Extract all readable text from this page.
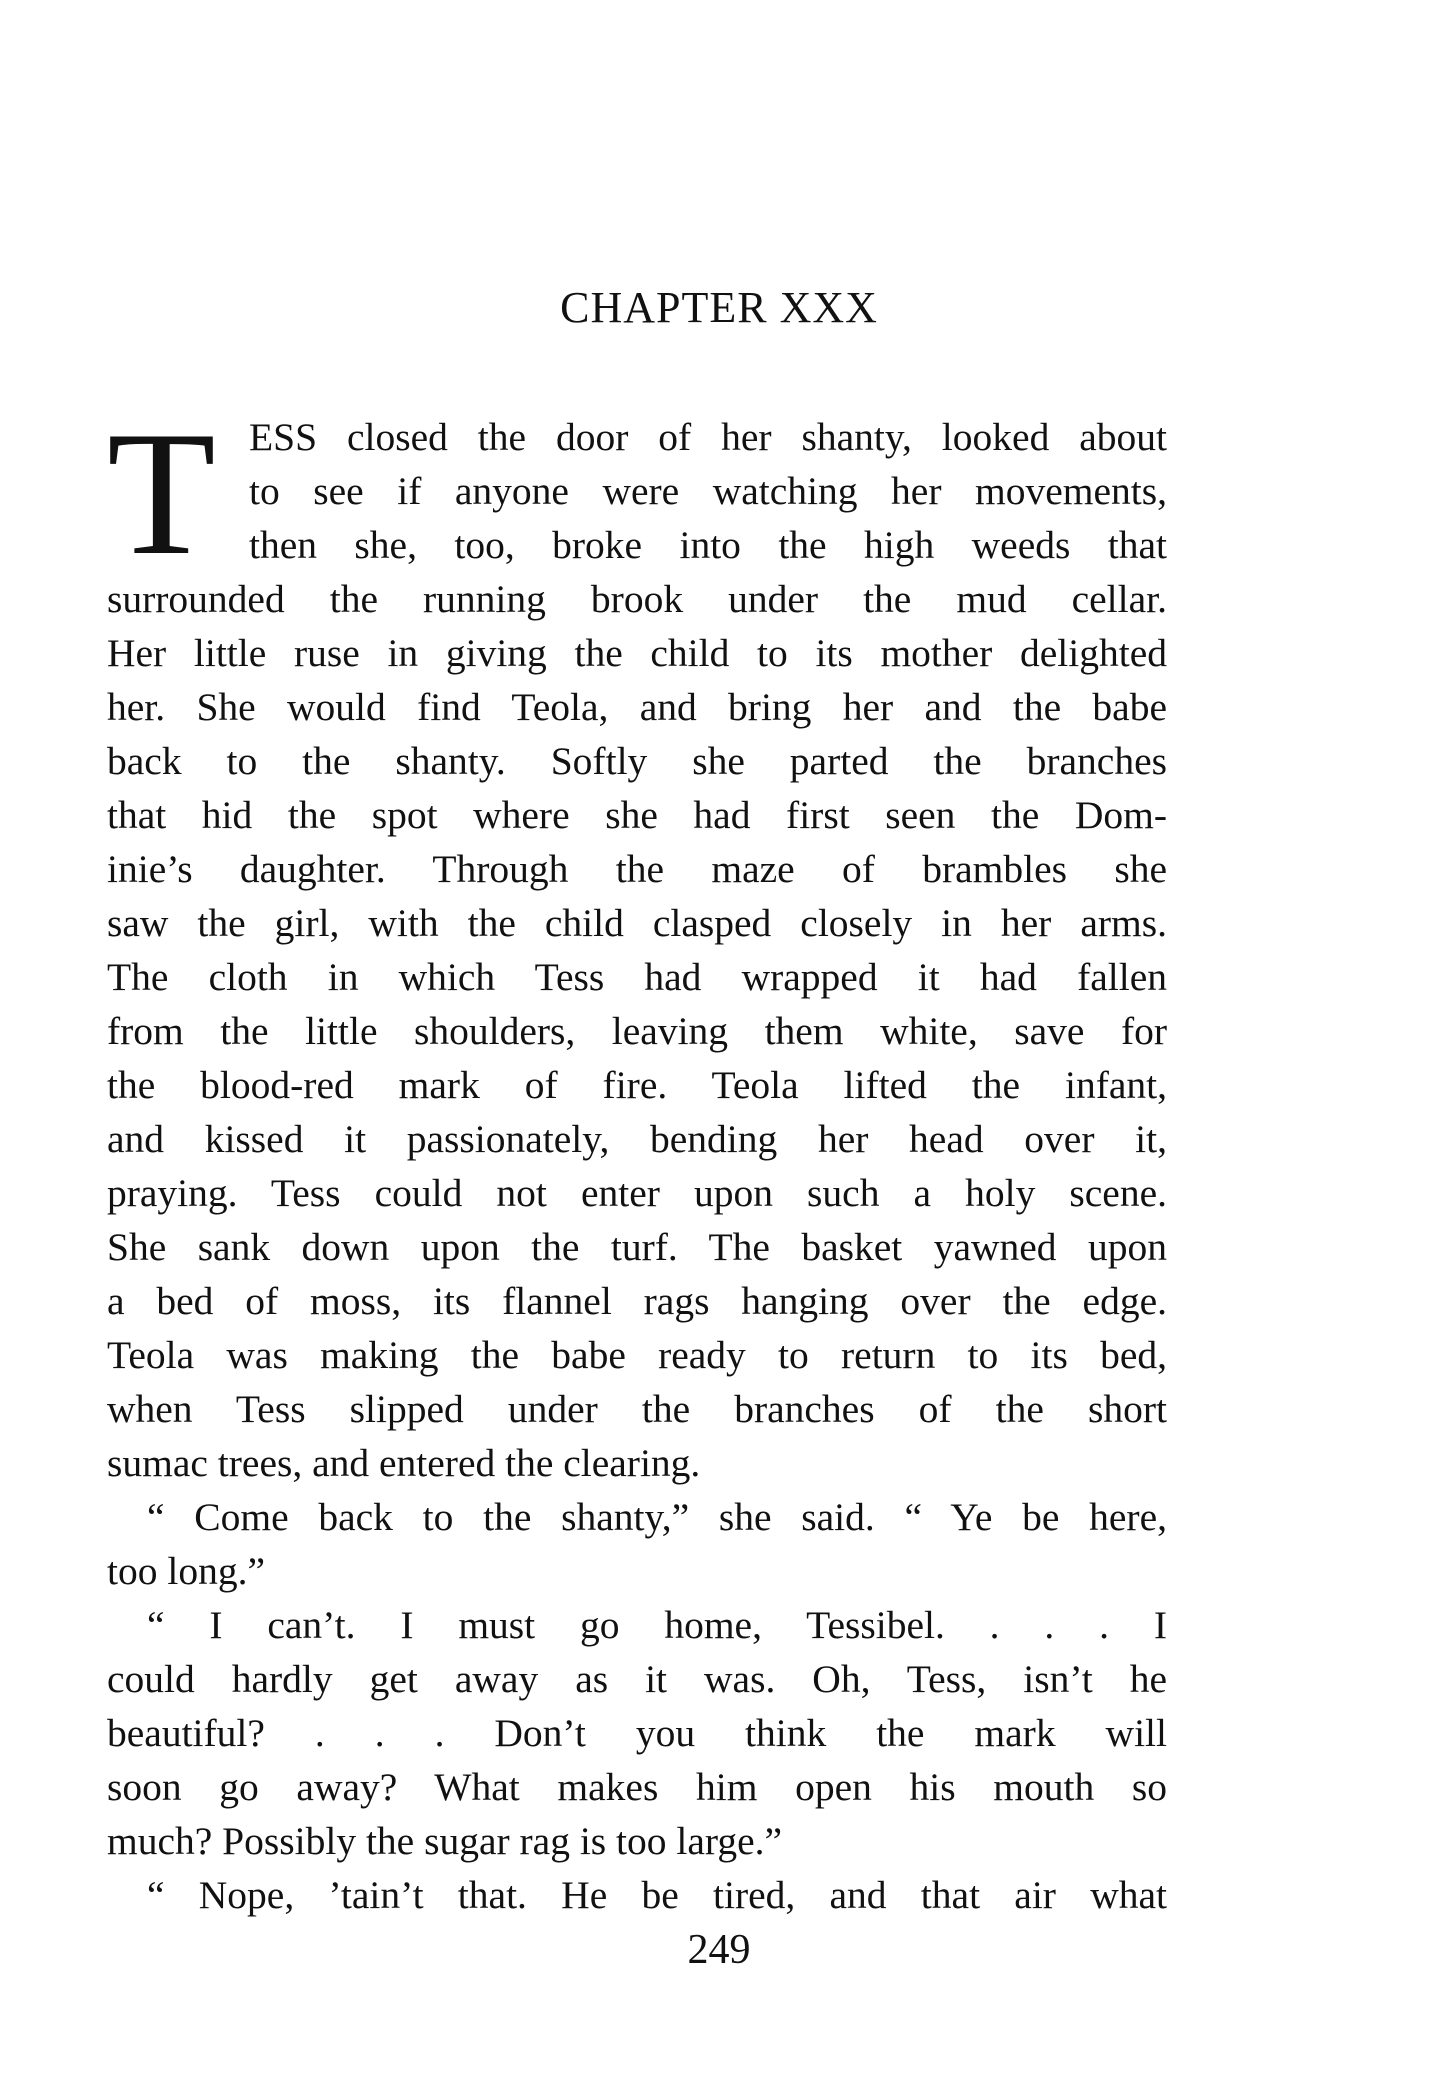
CHAPTER XXX
T ESS closed the door of her shanty, looked about
to see if anyone were watching her movements,
then she, too, broke into the high weeds that
surrounded the running brook under the mud cellar.
Her little ruse in giving the child to its mother delighted
her. She would find Teola, and bring her and the babe
back to the shanty. Softly she parted the branches
that hid the spot where she had first seen the Dom-
inie’s daughter. Through the maze of brambles she
saw the girl, with the child clasped closely in her arms.
The cloth in which Tess had wrapped it had fallen
from the little shoulders, leaving them white, save for
the blood-red mark of fire. Teola lifted the infant,
and kissed it passionately, bending her head over it,
praying. Tess could not enter upon such a holy scene.
She sank down upon the turf. The basket yawned upon
a bed of moss, its flannel rags hanging over the edge.
Teola was making the babe ready to return to its bed,
when Tess slipped under the branches of the short
sumac trees, and entered the clearing.
“ Come back to the shanty,” she said. “ Ye be here,
too long.”
“ I can’t. I must go home, Tessibel. . . . I
could hardly get away as it was. Oh, Tess, isn’t he
beautiful? . . . Don’t you think the mark will
soon go away? What makes him open his mouth so
much? Possibly the sugar rag is too large.”
“ Nope, ’tain’t that. He be tired, and that air what
249
